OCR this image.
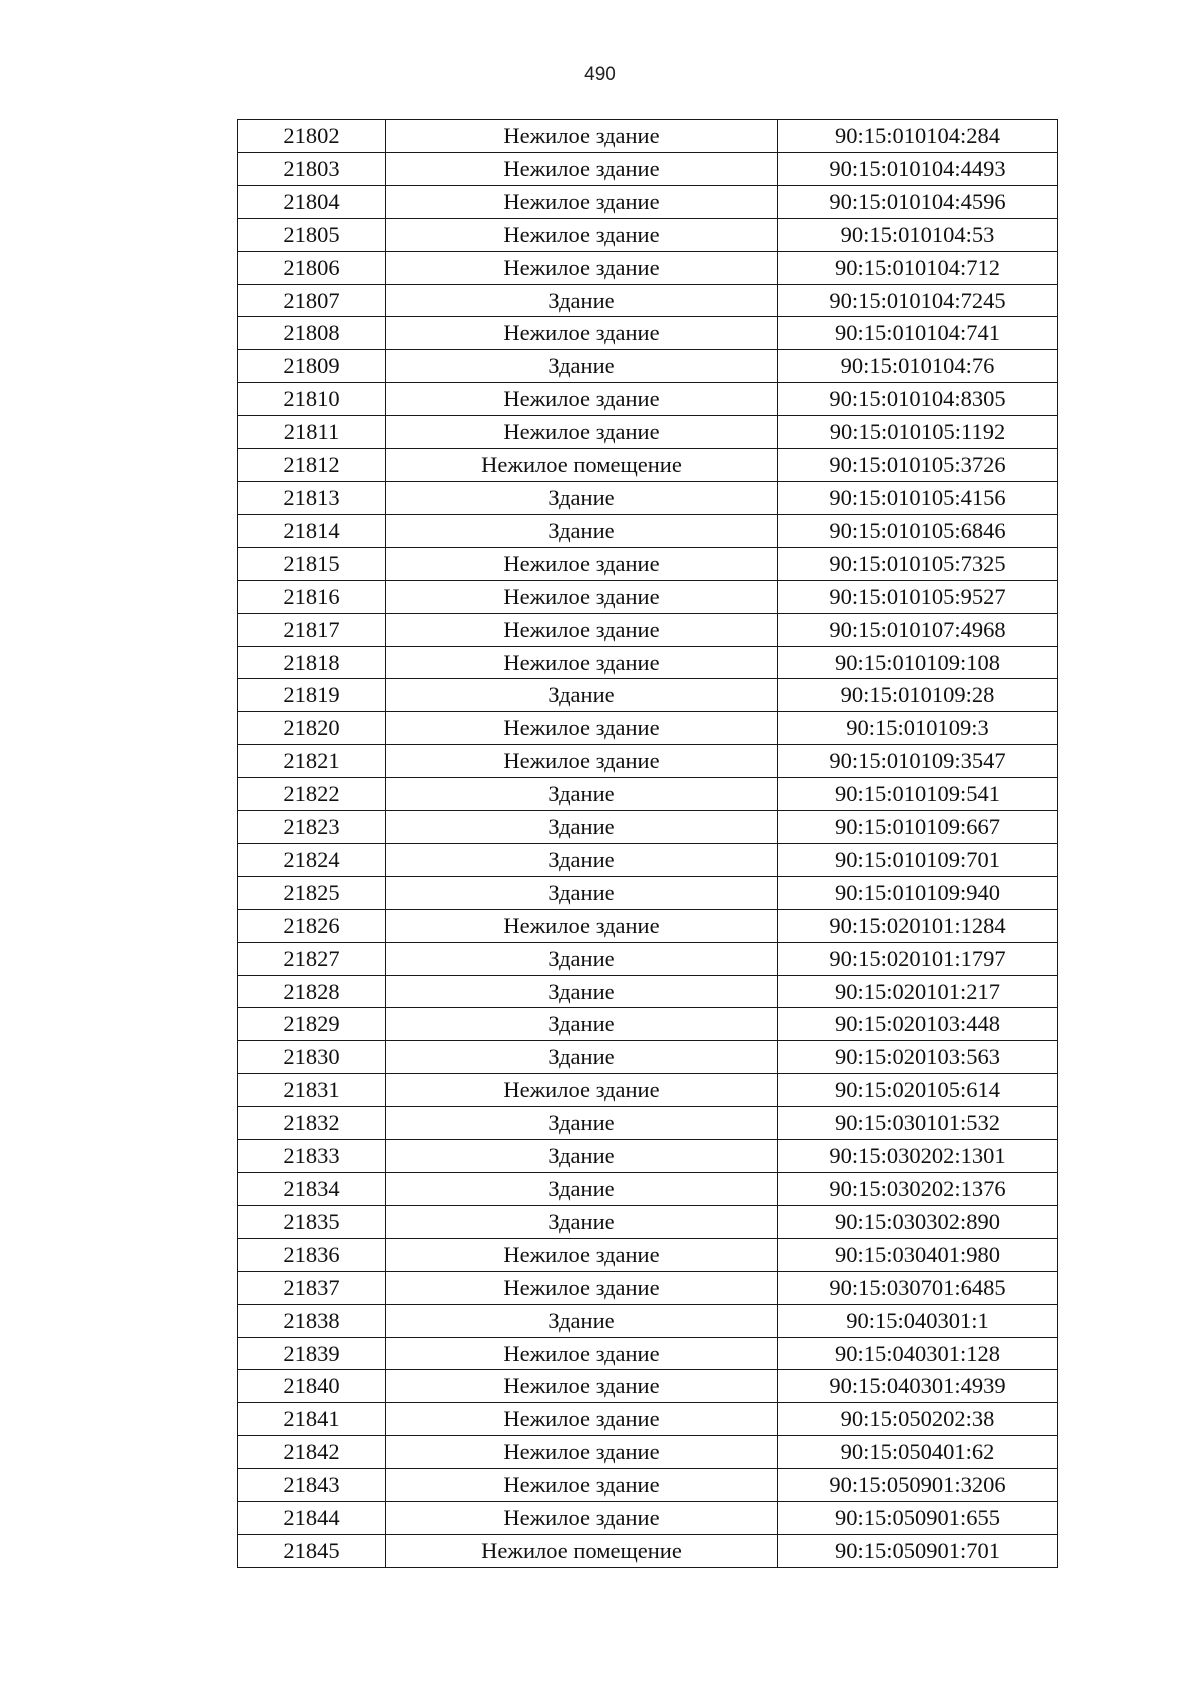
490
21802	Нежилое здание	90:15:010104:284
21803	Нежилое здание	90:15:010104:4493
21804	Нежилое здание	90:15:010104:4596
21805	Нежилое здание	90:15:010104:53
21806	Нежилое здание	90:15:010104:712
21807	Здание	90:15:010104:7245
21808	Нежилое здание	90:15:010104:741
21809	Здание	90:15:010104:76
21810	Нежилое здание	90:15:010104:8305
21811	Нежилое здание	90:15:010105:1192
21812	Нежилое помещение	90:15:010105:3726
21813	Здание	90:15:010105:4156
21814	Здание	90:15:010105:6846
21815	Нежилое здание	90:15:010105:7325
21816	Нежилое здание	90:15:010105:9527
21817	Нежилое здание	90:15:010107:4968
21818	Нежилое здание	90:15:010109:108
21819	Здание	90:15:010109:28
21820	Нежилое здание	90:15:010109:3
21821	Нежилое здание	90:15:010109:3547
21822	Здание	90:15:010109:541
21823	Здание	90:15:010109:667
21824	Здание	90:15:010109:701
21825	Здание	90:15:010109:940
21826	Нежилое здание	90:15:020101:1284
21827	Здание	90:15:020101:1797
21828	Здание	90:15:020101:217
21829	Здание	90:15:020103:448
21830	Здание	90:15:020103:563
21831	Нежилое здание	90:15:020105:614
21832	Здание	90:15:030101:532
21833	Здание	90:15:030202:1301
21834	Здание	90:15:030202:1376
21835	Здание	90:15:030302:890
21836	Нежилое здание	90:15:030401:980
21837	Нежилое здание	90:15:030701:6485
21838	Здание	90:15:040301:1
21839	Нежилое здание	90:15:040301:128
21840	Нежилое здание	90:15:040301:4939
21841	Нежилое здание	90:15:050202:38
21842	Нежилое здание	90:15:050401:62
21843	Нежилое здание	90:15:050901:3206
21844	Нежилое здание	90:15:050901:655
21845	Нежилое помещение	90:15:050901:701
